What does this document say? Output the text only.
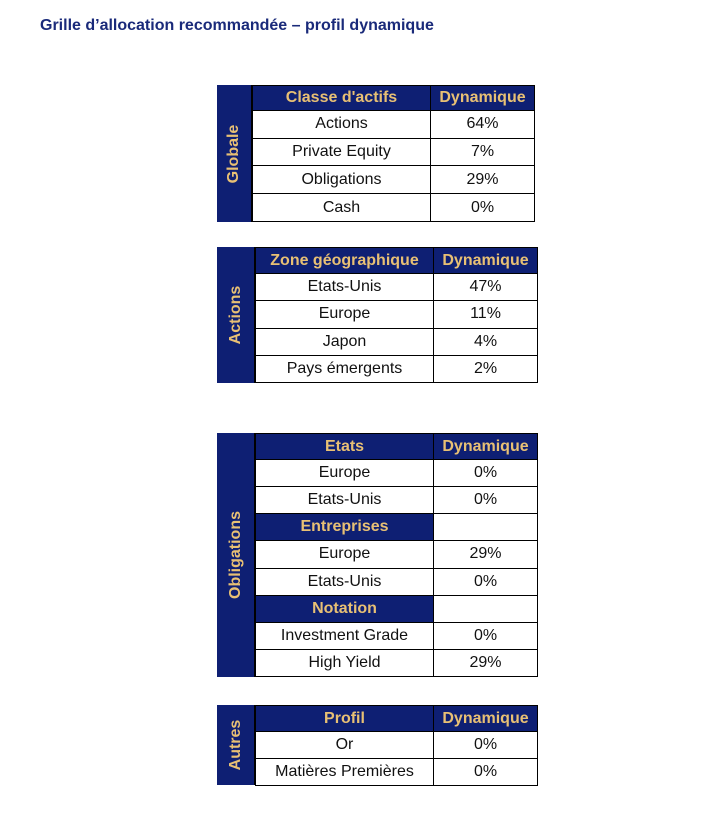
Grille d’allocation recommandée – profil dynamique
Globale
Classe d'actifs	Dynamique
Actions	64%
Private Equity	7%
Obligations	29%
Cash	0%
Actions
Zone géographique	Dynamique
Etats-Unis	47%
Europe	11%
Japon	4%
Pays émergents	2%
Obligations
Etats	Dynamique
Europe	0%
Etats-Unis	0%
Entreprises	
Europe	29%
Etats-Unis	0%
Notation	
Investment Grade	0%
High Yield	29%
Autres
Profil	Dynamique
Or	0%
Matières Premières	0%
